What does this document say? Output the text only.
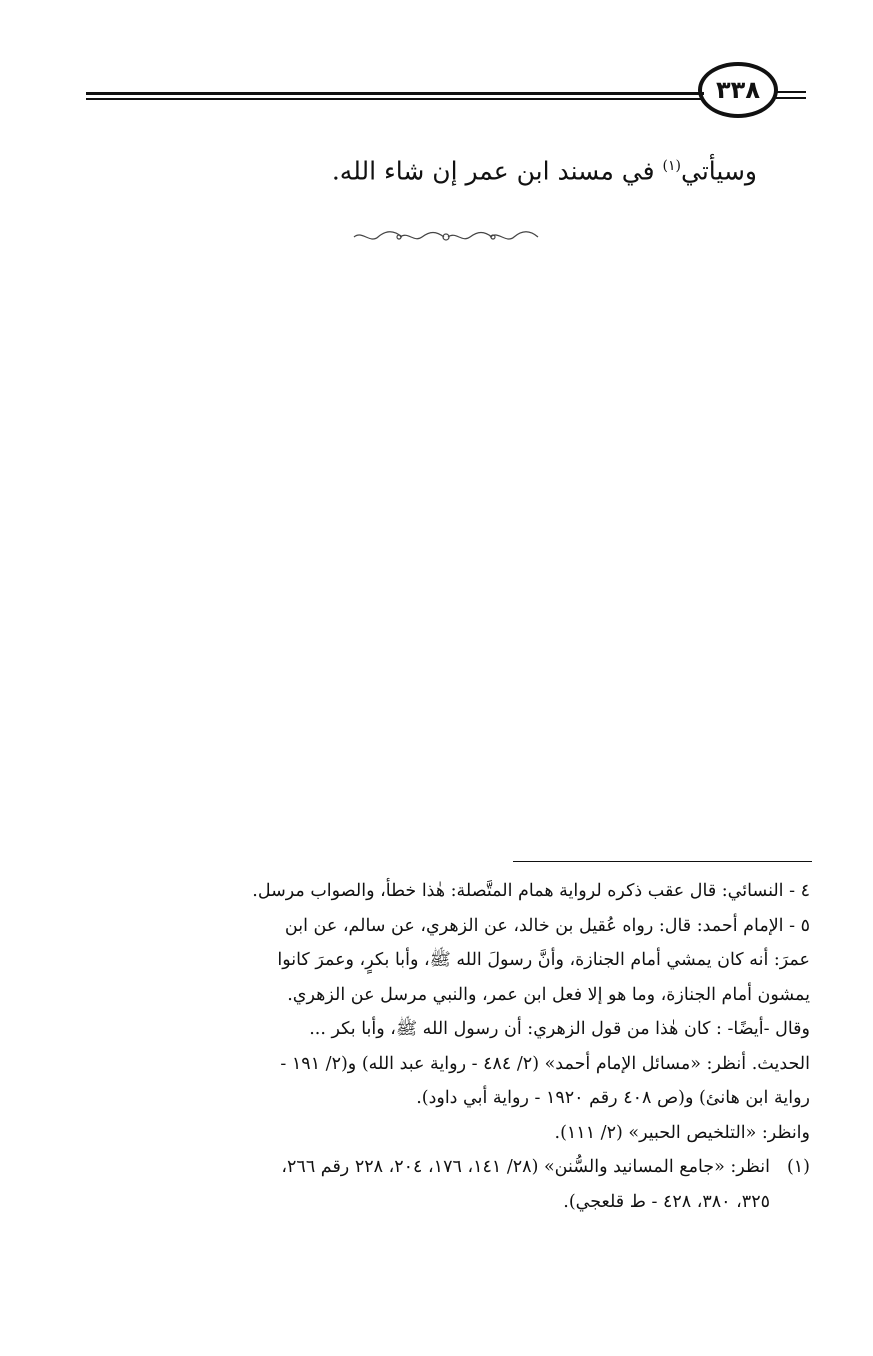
٣٣٨
وسيأتي$^{(١)}$ في مسند ابن عمر إن شاء الله.
٤ - النسائي: قال عقب ذكره لرواية همام المتَّصلة: هٰذا خطأ، والصواب مرسل.
٥ - الإمام أحمد: قال: رواه عُقيل بن خالد، عن الزهري، عن سالم، عن ابن
عمرَ: أنه كان يمشي أمام الجنازة، وأنَّ رسولَ الله ﷺ، وأبا بكرٍ، وعمرَ كانوا
يمشون أمام الجنازة، وما هو إلا فعل ابن عمر، والنبي مرسل عن الزهري.
وقال -أيضًا- : كان هٰذا من قول الزهري: أن رسول الله ﷺ، وأبا بكر ...
الحديث. أنظر: «مسائل الإمام أحمد» (٢/ ٤٨٤ - رواية عبد الله) و(٢/ ١٩١ -
رواية ابن هانئ) و(ص ٤٠٨ رقم ١٩٢٠ - رواية أبي داود).
وانظر: «التلخيص الحبير» (٢/ ١١١).
(١)
انظر: «جامع المسانيد والسُّنن» (٢٨/ ١٤١، ١٧٦، ٢٠٤، ٢٢٨ رقم ٢٦٦،
٣٢٥، ٣٨٠، ٤٢٨ - ط قلعجي).
